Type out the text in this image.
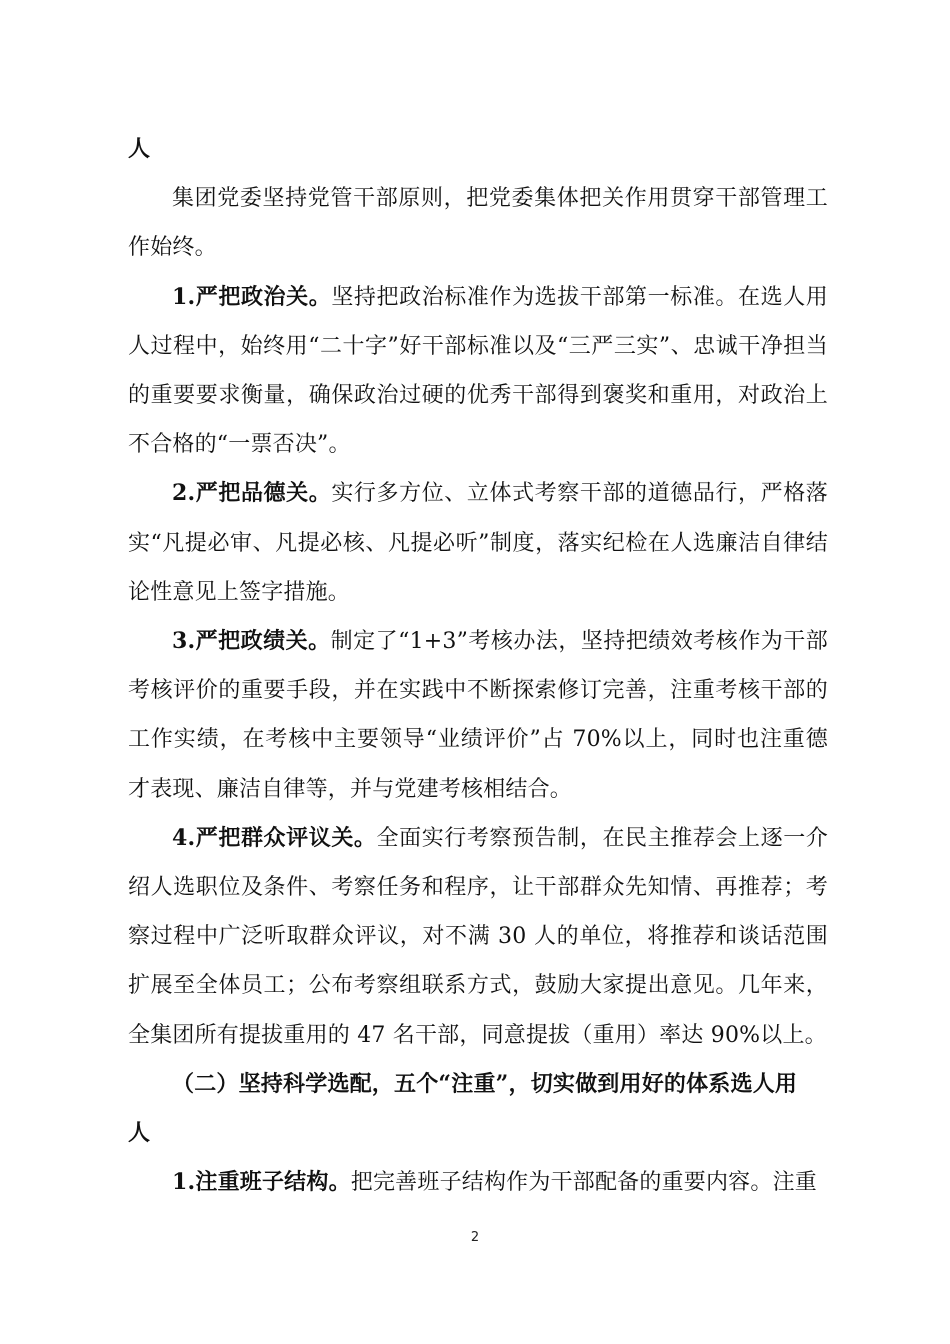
人

集团党委坚持党管干部原则，把党委集体把关作用贯穿干部管理工作始终。

1.严把政治关。坚持把政治标准作为选拔干部第一标准。在选人用人过程中，始终用“二十字”好干部标准以及“三严三实”、忠诚干净担当的重要要求衡量，确保政治过硬的优秀干部得到褒奖和重用，对政治上不合格的“一票否决”。

2.严把品德关。实行多方位、立体式考察干部的道德品行，严格落实“凡提必审、凡提必核、凡提必听”制度，落实纪检在人选廉洁自律结论性意见上签字措施。

3.严把政绩关。制定了“1+3”考核办法，坚持把绩效考核作为干部考核评价的重要手段，并在实践中不断探索修订完善，注重考核干部的工作实绩，在考核中主要领导“业绩评价”占 70%以上，同时也注重德才表现、廉洁自律等，并与党建考核相结合。

4.严把群众评议关。全面实行考察预告制，在民主推荐会上逐一介绍人选职位及条件、考察任务和程序，让干部群众先知情、再推荐；考察过程中广泛听取群众评议，对不满 30 人的单位，将推荐和谈话范围扩展至全体员工；公布考察组联系方式，鼓励大家提出意见。几年来，全集团所有提拔重用的 47 名干部，同意提拔（重用）率达 90%以上。

（二）坚持科学选配，五个“注重”，切实做到用好的体系选人用

人

1.注重班子结构。把完善班子结构作为干部配备的重要内容。注重

2
